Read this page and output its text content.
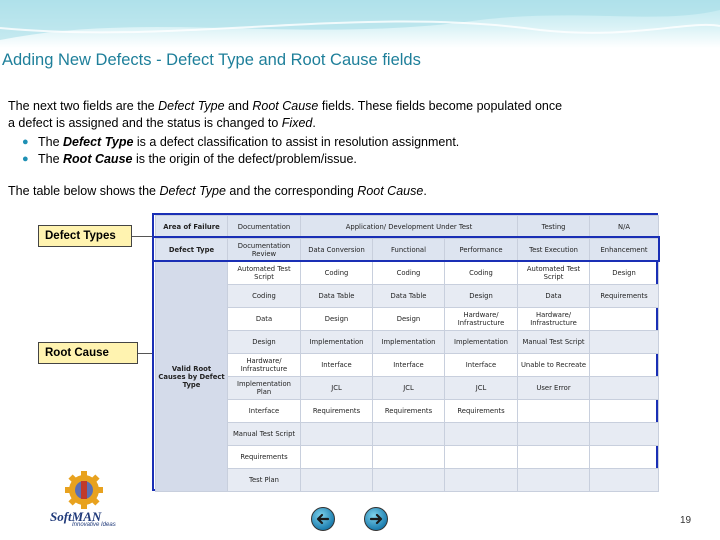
Adding New Defects - Defect Type and Root Cause fields
The next two fields are the Defect Type and Root Cause fields. These fields become populated once a defect is assigned and the status is changed to Fixed.
● The Defect Type is a defect classification to assist in resolution assignment.
● The Root Cause is the origin of the defect/problem/issue.
The table below shows the Defect Type and the corresponding Root Cause.
Defect Types
Root Cause
Area of Failure	Documentation	Application/ Development Under Test			Testing	N/A
Defect Type	Documentation Review	Data Conversion	Functional	Performance	Test Execution	Enhancement
Valid Root Causes by Defect Type	Automated Test Script	Coding	Coding	Coding	Automated Test Script	Design
	Coding	Data Table	Data Table	Design	Data	Requirements
	Data	Design	Design	Hardware/ Infrastructure	Hardware/ Infrastructure	
	Design	Implementation	Implementation	Implementation	Manual Test Script	
	Hardware/ Infrastructure	Interface	Interface	Interface	Unable to Recreate	
	Implementation Plan	JCL	JCL	JCL	User Error	
	Interface	Requirements	Requirements	Requirements		
	Manual Test Script					
	Requirements					
	Test Plan					
SoftMAN
Innovative Ideas	19
